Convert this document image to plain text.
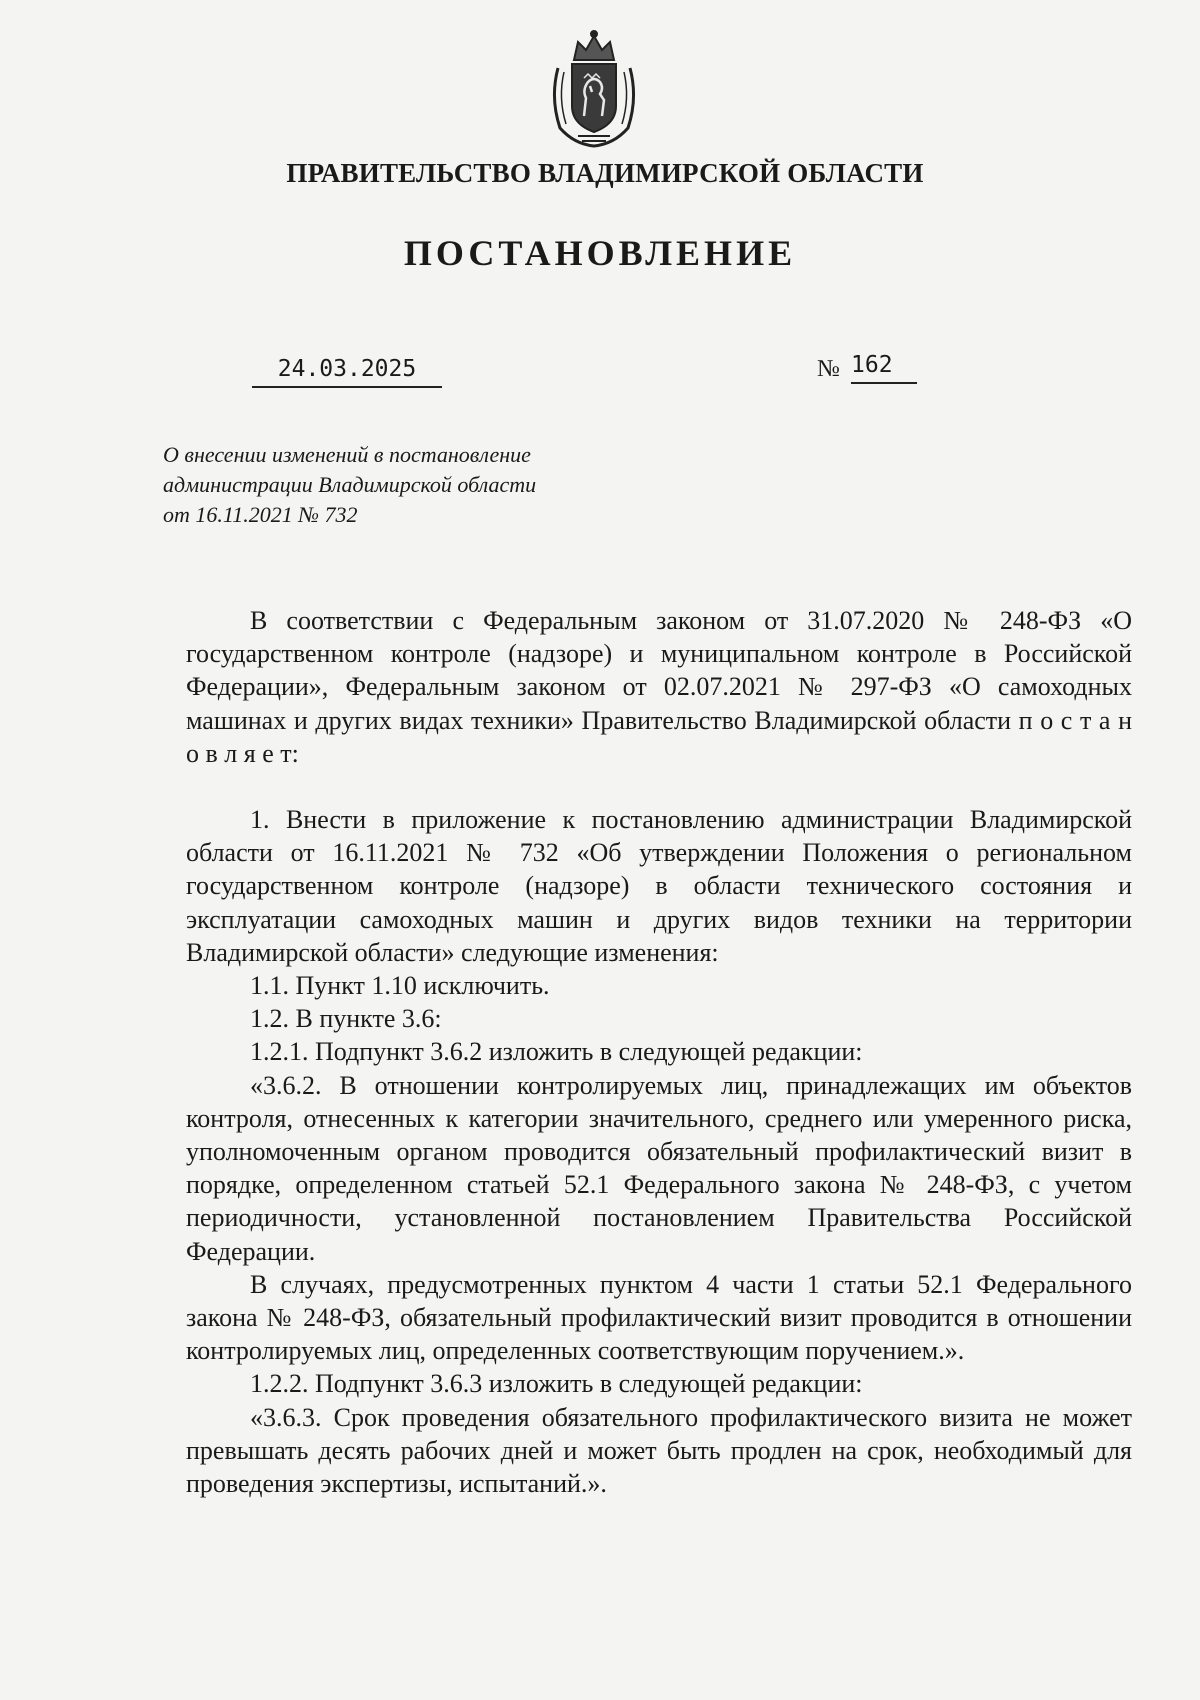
ПРАВИТЕЛЬСТВО ВЛАДИМИРСКОЙ ОБЛАСТИ
ПОСТАНОВЛЕНИЕ
24.03.2025	№ 162
О внесении изменений в постановление
администрации Владимирской области
от 16.11.2021 № 732

В соответствии с Федеральным законом от 31.07.2020 № 248-ФЗ «О государственном контроле (надзоре) и муниципальном контроле в Российской Федерации», Федеральным законом от 02.07.2021 № 297-ФЗ «О самоходных машинах и других видах техники» Правительство Владимирской области п о с т а н о в л я е т:

1. Внести в приложение к постановлению администрации Владимирской области от 16.11.2021 № 732 «Об утверждении Положения о региональном государственном контроле (надзоре) в области технического состояния и эксплуатации самоходных машин и других видов техники на территории Владимирской области» следующие изменения:

1.1. Пункт 1.10 исключить.

1.2. В пункте 3.6:

1.2.1. Подпункт 3.6.2 изложить в следующей редакции:

«3.6.2. В отношении контролируемых лиц, принадлежащих им объектов контроля, отнесенных к категории значительного, среднего или умеренного риска, уполномоченным органом проводится обязательный профилактический визит в порядке, определенном статьей 52.1 Федерального закона № 248-ФЗ, с учетом периодичности, установленной постановлением Правительства Российской Федерации.

В случаях, предусмотренных пунктом 4 части 1 статьи 52.1 Федерального закона № 248-ФЗ, обязательный профилактический визит проводится в отношении контролируемых лиц, определенных соответствующим поручением.».

1.2.2. Подпункт 3.6.3 изложить в следующей редакции:

«3.6.3. Срок проведения обязательного профилактического визита не может превышать десять рабочих дней и может быть продлен на срок, необходимый для проведения экспертизы, испытаний.».
